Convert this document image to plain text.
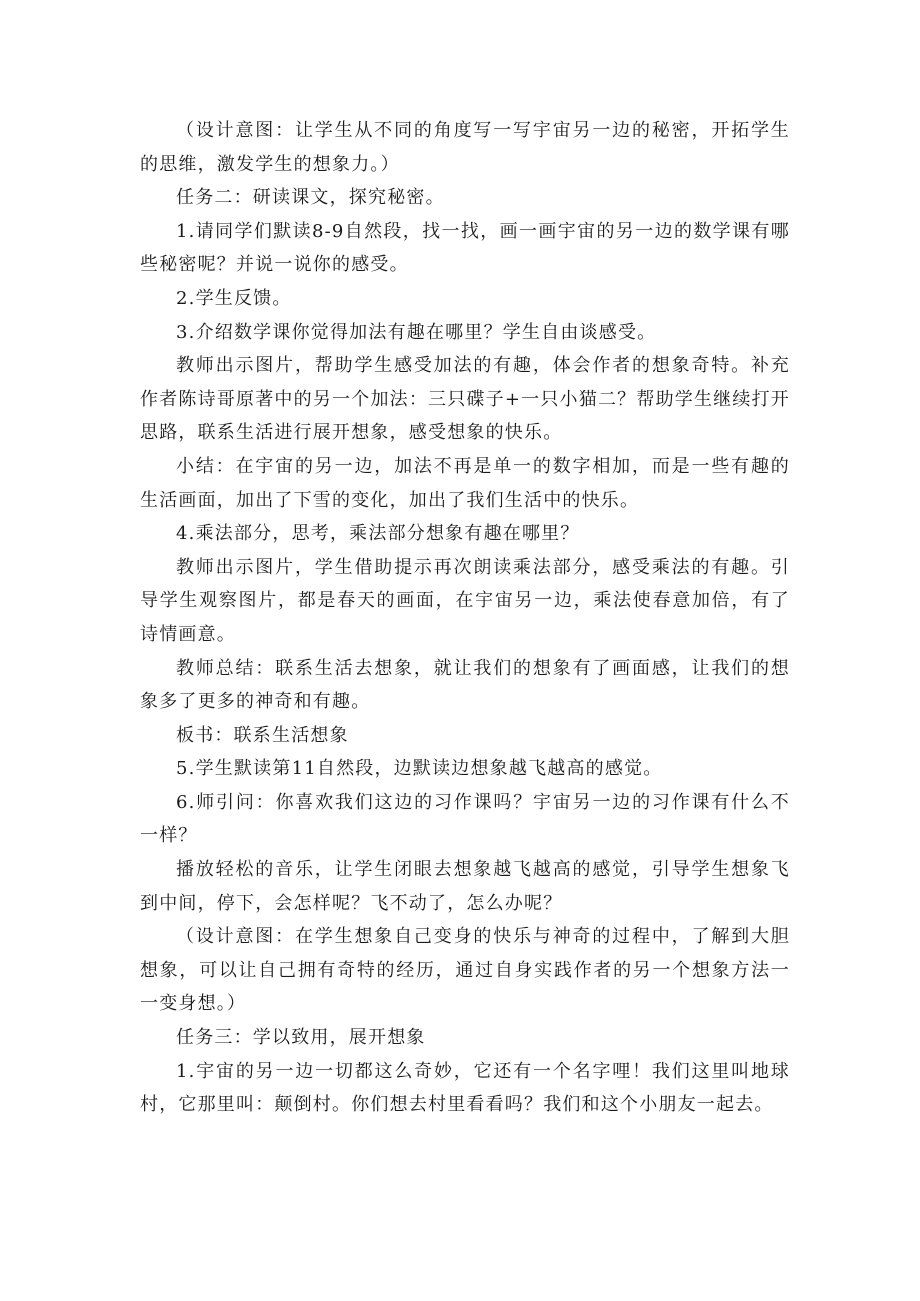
（设计意图：让学生从不同的角度写一写宇宙另一边的秘密，开拓学生的思维，激发学生的想象力。）

任务二：研读课文，探究秘密。

1.请同学们默读8-9自然段，找一找，画一画宇宙的另一边的数学课有哪些秘密呢？并说一说你的感受。

2.学生反馈。

3.介绍数学课你觉得加法有趣在哪里？学生自由谈感受。

教师出示图片，帮助学生感受加法的有趣，体会作者的想象奇特。补充作者陈诗哥原著中的另一个加法：三只碟子+一只小猫二？帮助学生继续打开思路，联系生活进行展开想象，感受想象的快乐。

小结：在宇宙的另一边，加法不再是单一的数字相加，而是一些有趣的生活画面，加出了下雪的变化，加出了我们生活中的快乐。

4.乘法部分，思考，乘法部分想象有趣在哪里？

教师出示图片，学生借助提示再次朗读乘法部分，感受乘法的有趣。引导学生观察图片，都是春天的画面，在宇宙另一边，乘法使春意加倍，有了诗情画意。

教师总结：联系生活去想象，就让我们的想象有了画面感，让我们的想象多了更多的神奇和有趣。

板书：联系生活想象

5.学生默读第11自然段，边默读边想象越飞越高的感觉。

6.师引问：你喜欢我们这边的习作课吗？宇宙另一边的习作课有什么不一样？

播放轻松的音乐，让学生闭眼去想象越飞越高的感觉，引导学生想象飞到中间，停下，会怎样呢？飞不动了，怎么办呢？

（设计意图：在学生想象自己变身的快乐与神奇的过程中，了解到大胆想象，可以让自己拥有奇特的经历，通过自身实践作者的另一个想象方法一一变身想。）

任务三：学以致用，展开想象

1.宇宙的另一边一切都这么奇妙，它还有一个名字哩！我们这里叫地球村，它那里叫：颠倒村。你们想去村里看看吗？我们和这个小朋友一起去。
